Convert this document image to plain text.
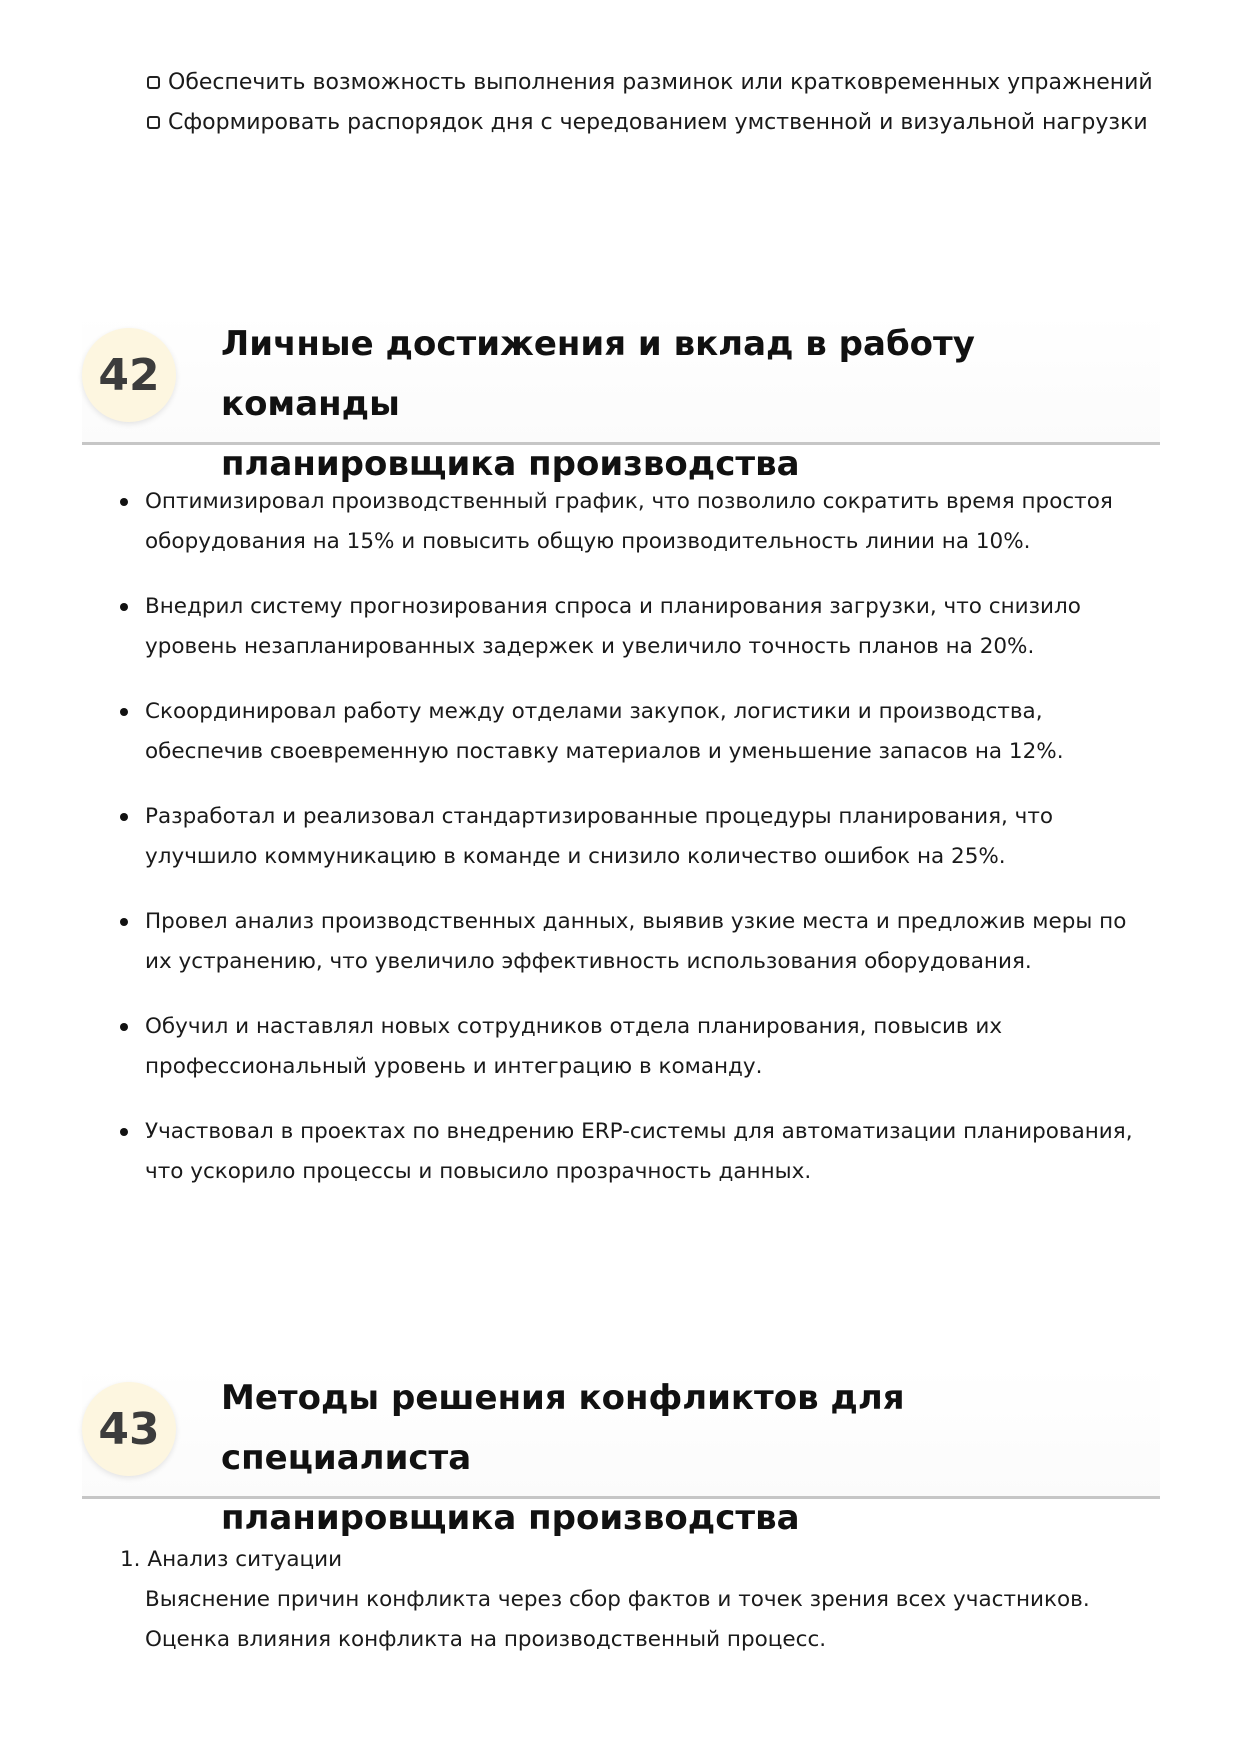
Обеспечить возможность выполнения разминок или кратковременных упражнений
Сформировать распорядок дня с чередованием умственной и визуальной нагрузки
42
Личные достижения и вклад в работу команды
планировщика производства
Оптимизировал производственный график, что позволило сократить время простоя
оборудования на 15% и повысить общую производительность линии на 10%.
Внедрил систему прогнозирования спроса и планирования загрузки, что снизило
уровень незапланированных задержек и увеличило точность планов на 20%.
Скоординировал работу между отделами закупок, логистики и производства,
обеспечив своевременную поставку материалов и уменьшение запасов на 12%.
Разработал и реализовал стандартизированные процедуры планирования, что
улучшило коммуникацию в команде и снизило количество ошибок на 25%.
Провел анализ производственных данных, выявив узкие места и предложив меры по
их устранению, что увеличило эффективность использования оборудования.
Обучил и наставлял новых сотрудников отдела планирования, повысив их
профессиональный уровень и интеграцию в команду.
Участвовал в проектах по внедрению ERP-системы для автоматизации планирования,
что ускорило процессы и повысило прозрачность данных.
43
Методы решения конфликтов для специалиста
планировщика производства
1. Анализ ситуации
Выяснение причин конфликта через сбор фактов и точек зрения всех участников.
Оценка влияния конфликта на производственный процесс.
